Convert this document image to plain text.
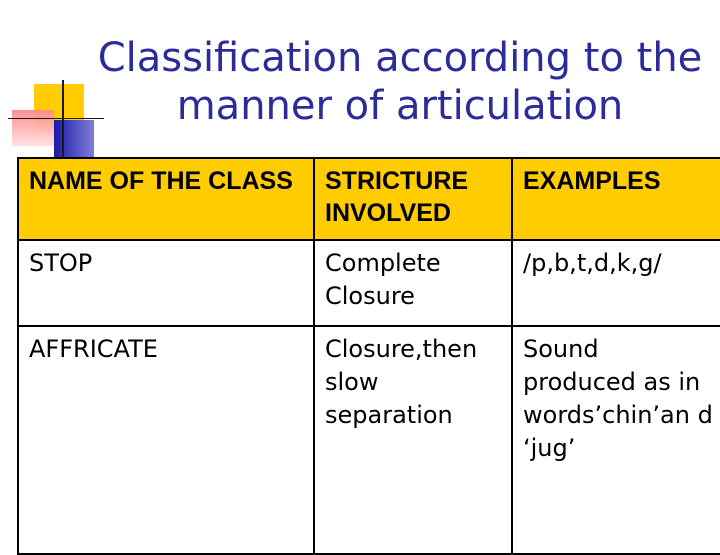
Classification according to the
manner of articulation
NAME OF THE CLASS	STRICTURE INVOLVED	EXAMPLES
STOP	Complete Closure	/p,b,t,d,k,g/
AFFRICATE	Closure,then slow separation	Sound produced as in words’chin’an d ‘jug’
